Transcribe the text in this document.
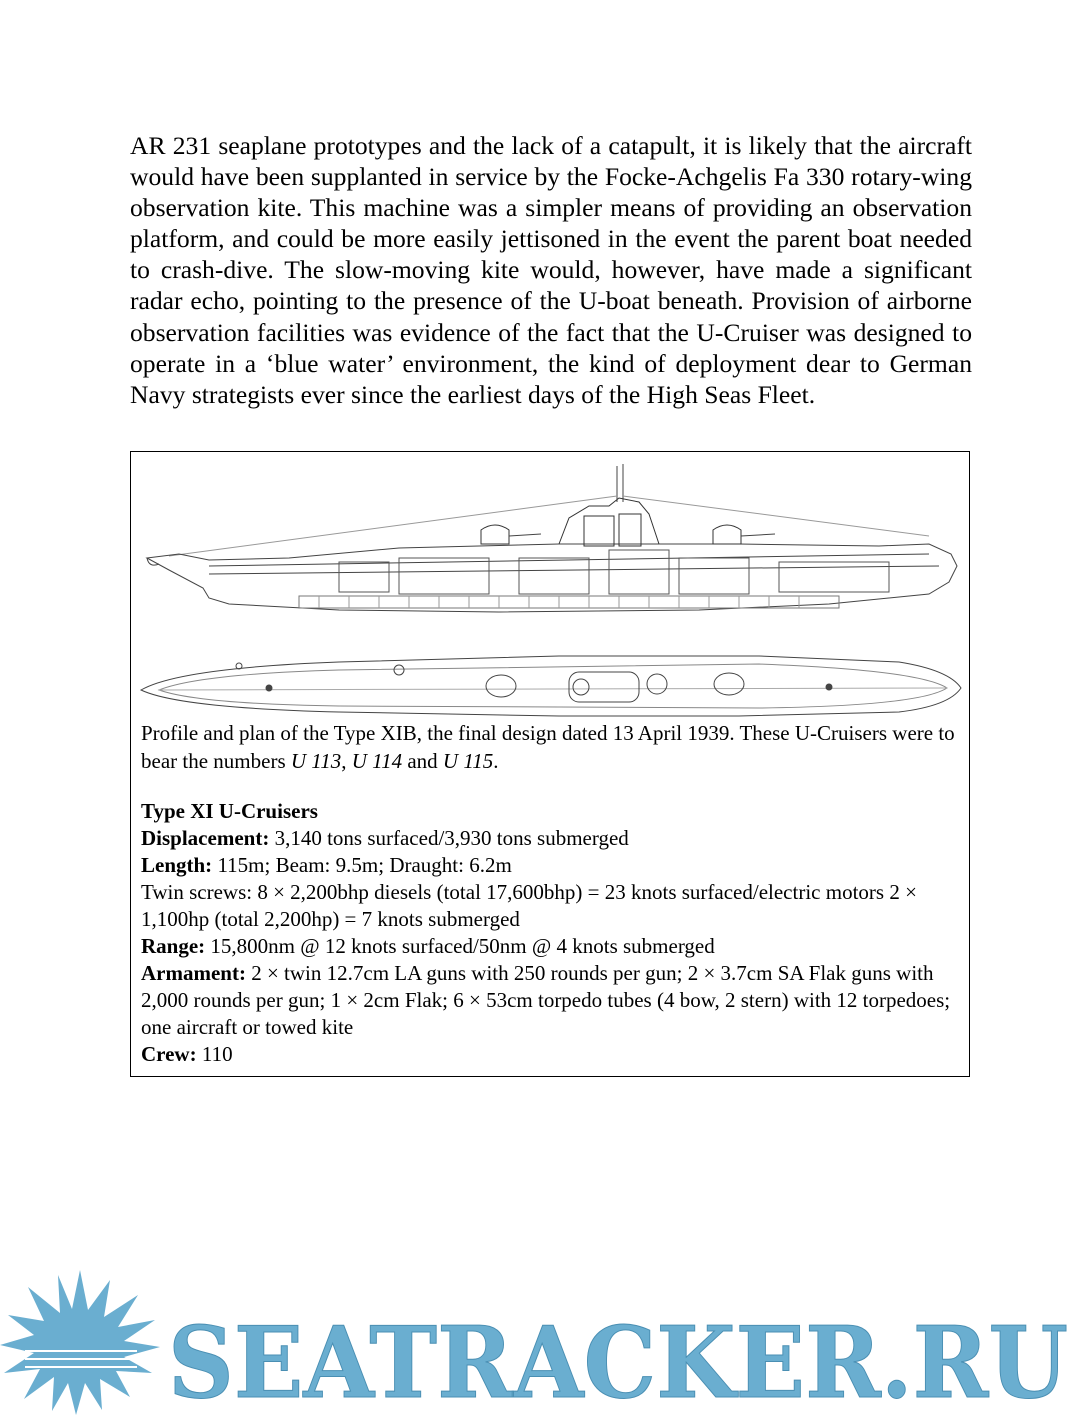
AR 231 seaplane prototypes and the lack of a catapult, it is likely that the aircraft would have been supplanted in service by the Focke-Achgelis Fa 330 rotary-wing observation kite. This machine was a simpler means of providing an observation platform, and could be more easily jettisoned in the event the parent boat needed to crash-dive. The slow-moving kite would, however, have made a significant radar echo, pointing to the presence of the U-boat beneath. Provision of airborne observation facilities was evidence of the fact that the U-Cruiser was designed to operate in a ‘blue water’ environment, the kind of deployment dear to German Navy strategists ever since the earliest days of the High Seas Fleet.

Profile and plan of the Type XIB, the final design dated 13 April 1939. These U-Cruisers were to bear the numbers U 113, U 114 and U 115.

Type XI U-Cruisers
Displacement: 3,140 tons surfaced/3,930 tons submerged
Length: 115m; Beam: 9.5m; Draught: 6.2m
Twin screws: 8 × 2,200bhp diesels (total 17,600bhp) = 23 knots surfaced/electric motors 2 × 1,100hp (total 2,200hp) = 7 knots submerged
Range: 15,800nm @ 12 knots surfaced/50nm @ 4 knots submerged
Armament: 2 × twin 12.7cm LA guns with 250 rounds per gun; 2 × 3.7cm SA Flak guns with 2,000 rounds per gun; 1 × 2cm Flak; 6 × 53cm torpedo tubes (4 bow, 2 stern) with 12 torpedoes; one aircraft or towed kite
Crew: 110
SEATRACKER.RU
